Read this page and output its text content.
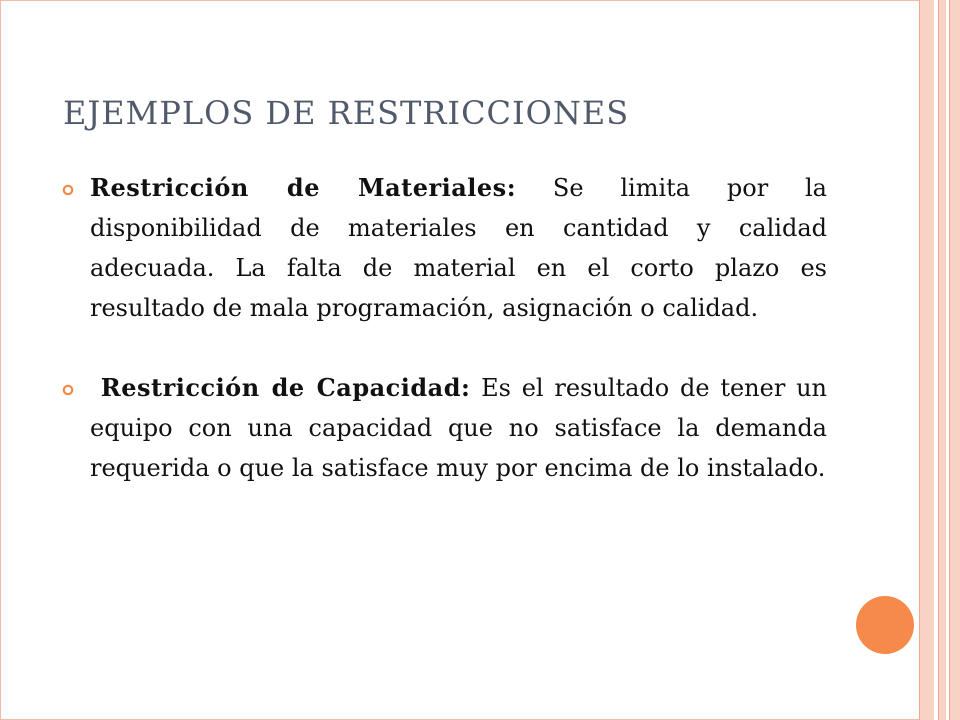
EJEMPLOS DE RESTRICCIONES
Restricción de Materiales: Se limita por la disponibilidad de materiales en cantidad y calidad adecuada. La falta de material en el corto plazo es resultado de mala programación, asignación o calidad.
Restricción de Capacidad: Es el resultado de tener un equipo con una capacidad que no satisface la demanda requerida o que la satisface muy por encima de lo instalado.
